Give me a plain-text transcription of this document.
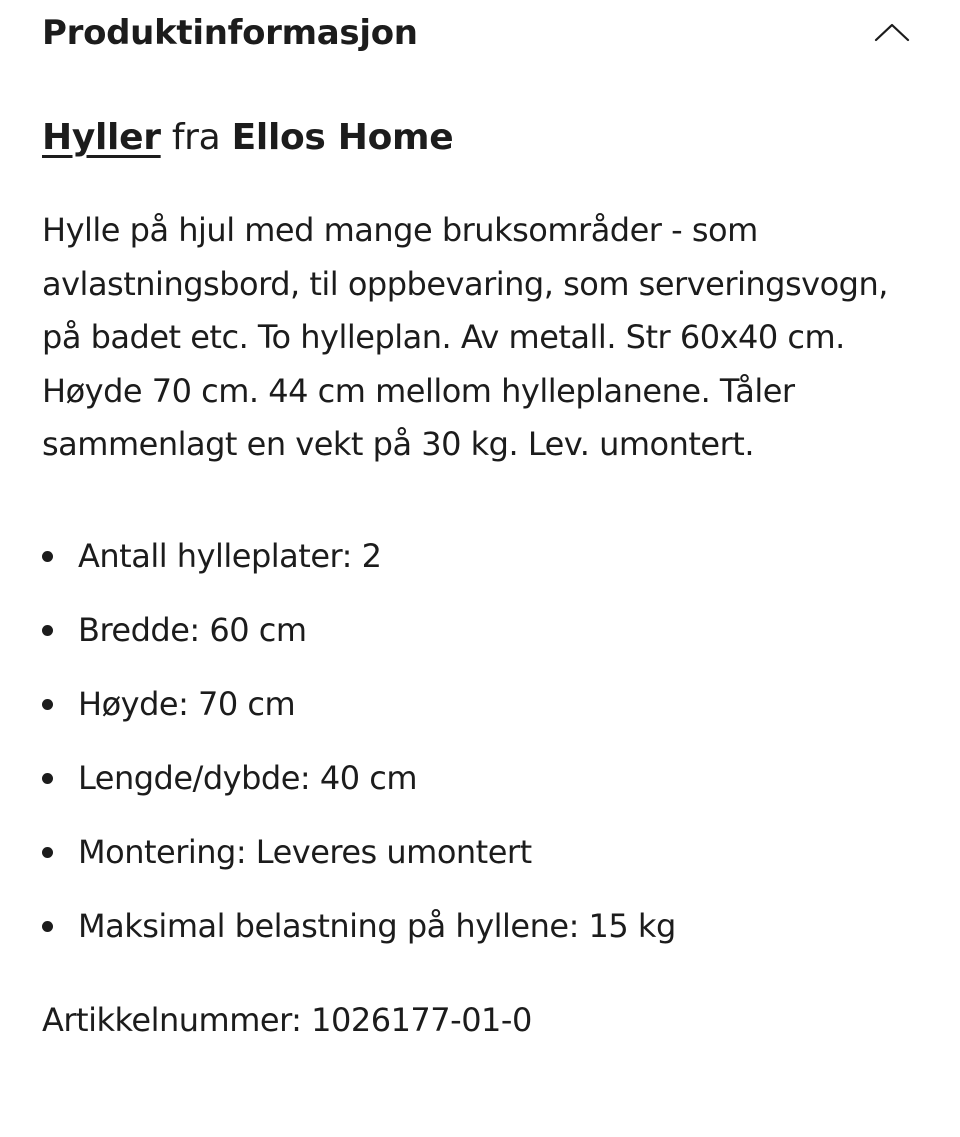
Produktinformasjon
Hyller fra Ellos Home
Hylle på hjul med mange bruksområder - som avlastningsbord, til oppbevaring, som serveringsvogn, på badet etc. To hylleplan. Av metall. Str 60x40 cm. Høyde 70 cm. 44 cm mellom hylleplanene. Tåler sammenlagt en vekt på 30 kg. Lev. umontert.
Antall hylleplater: 2
Bredde: 60 cm
Høyde: 70 cm
Lengde/dybde: 40 cm
Montering: Leveres umontert
Maksimal belastning på hyllene: 15 kg
Artikkelnummer: 1026177-01-0
